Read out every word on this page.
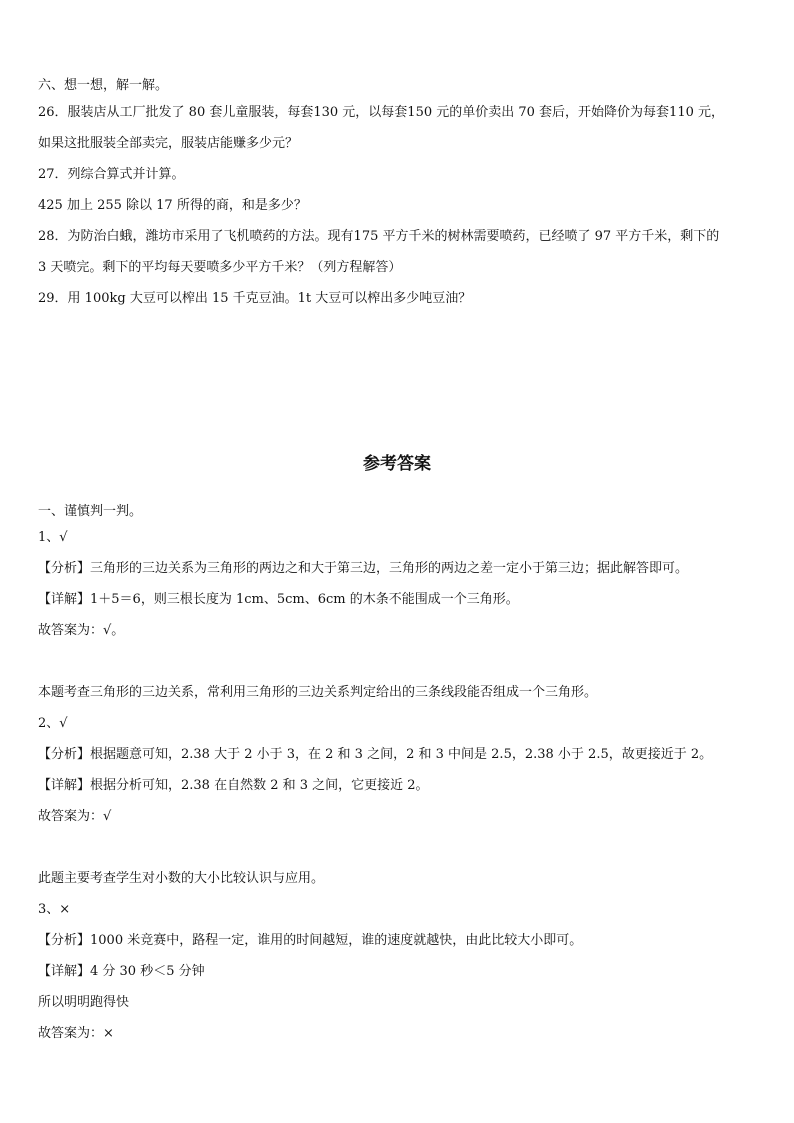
六、想一想，解一解。
26．服装店从工厂批发了 80 套儿童服装，每套130 元，以每套150 元的单价卖出 70 套后，开始降价为每套110 元，
如果这批服装全部卖完，服装店能赚多少元？
27．列综合算式并计算。
425 加上 255 除以 17 所得的商，和是多少？
28．为防治白蛾，潍坊市采用了飞机喷药的方法。现有175 平方千米的树林需要喷药，已经喷了 97 平方千米，剩下的
3 天喷完。剩下的平均每天要喷多少平方千米？（列方程解答）
29．用 100kg 大豆可以榨出 15 千克豆油。1t 大豆可以榨出多少吨豆油？
参考答案
一、谨慎判一判。
1、√
【分析】三角形的三边关系为三角形的两边之和大于第三边，三角形的两边之差一定小于第三边；据此解答即可。
【详解】1＋5＝6，则三根长度为 1cm、5cm、6cm 的木条不能围成一个三角形。
故答案为：√。
本题考查三角形的三边关系，常利用三角形的三边关系判定给出的三条线段能否组成一个三角形。
2、√
【分析】根据题意可知，2.38 大于 2 小于 3，在 2 和 3 之间，2 和 3 中间是 2.5，2.38 小于 2.5，故更接近于 2。
【详解】根据分析可知，2.38 在自然数 2 和 3 之间，它更接近 2。
故答案为：√
此题主要考查学生对小数的大小比较认识与应用。
3、×
【分析】1000 米竞赛中，路程一定，谁用的时间越短，谁的速度就越快，由此比较大小即可。
【详解】4 分 30 秒＜5 分钟
所以明明跑得快
故答案为：×
